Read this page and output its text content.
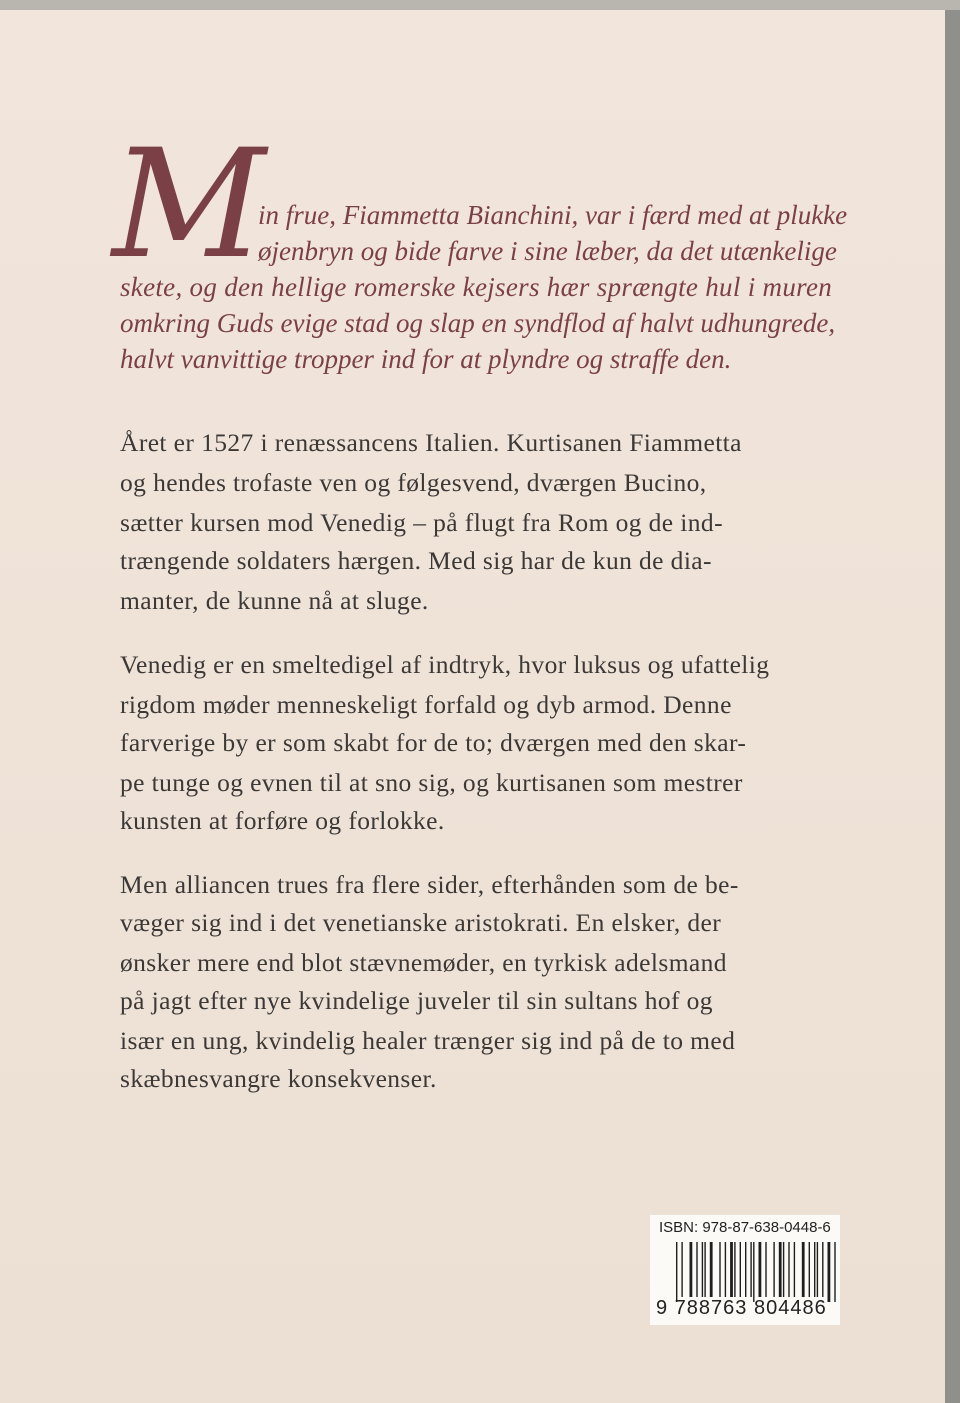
M
in frue, Fiammetta Bianchini, var i færd med at plukke
øjenbryn og bide farve i sine læber, da det utænkelige
skete, og den hellige romerske kejsers hær sprængte hul i muren
omkring Guds evige stad og slap en syndflod af halvt udhungrede,
halvt vanvittige tropper ind for at plyndre og straffe den.
Året er 1527 i renæssancens Italien. Kurtisanen Fiammetta
og hendes trofaste ven og følgesvend, dværgen Bucino,
sætter kursen mod Venedig – på flugt fra Rom og de ind-
trængende soldaters hærgen. Med sig har de kun de dia-
manter, de kunne nå at sluge.
Venedig er en smeltedigel af indtryk, hvor luksus og ufattelig
rigdom møder menneskeligt forfald og dyb armod. Denne
farverige by er som skabt for de to; dværgen med den skar-
pe tunge og evnen til at sno sig, og kurtisanen som mestrer
kunsten at forføre og forlokke.
Men alliancen trues fra flere sider, efterhånden som de be-
væger sig ind i det venetianske aristokrati. En elsker, der
ønsker mere end blot stævnemøder, en tyrkisk adelsmand
på jagt efter nye kvindelige juveler til sin sultans hof og
især en ung, kvindelig healer trænger sig ind på de to med
skæbnesvangre konsekvenser.
ISBN: 978-87-638-0448-6
9 788763 804486
